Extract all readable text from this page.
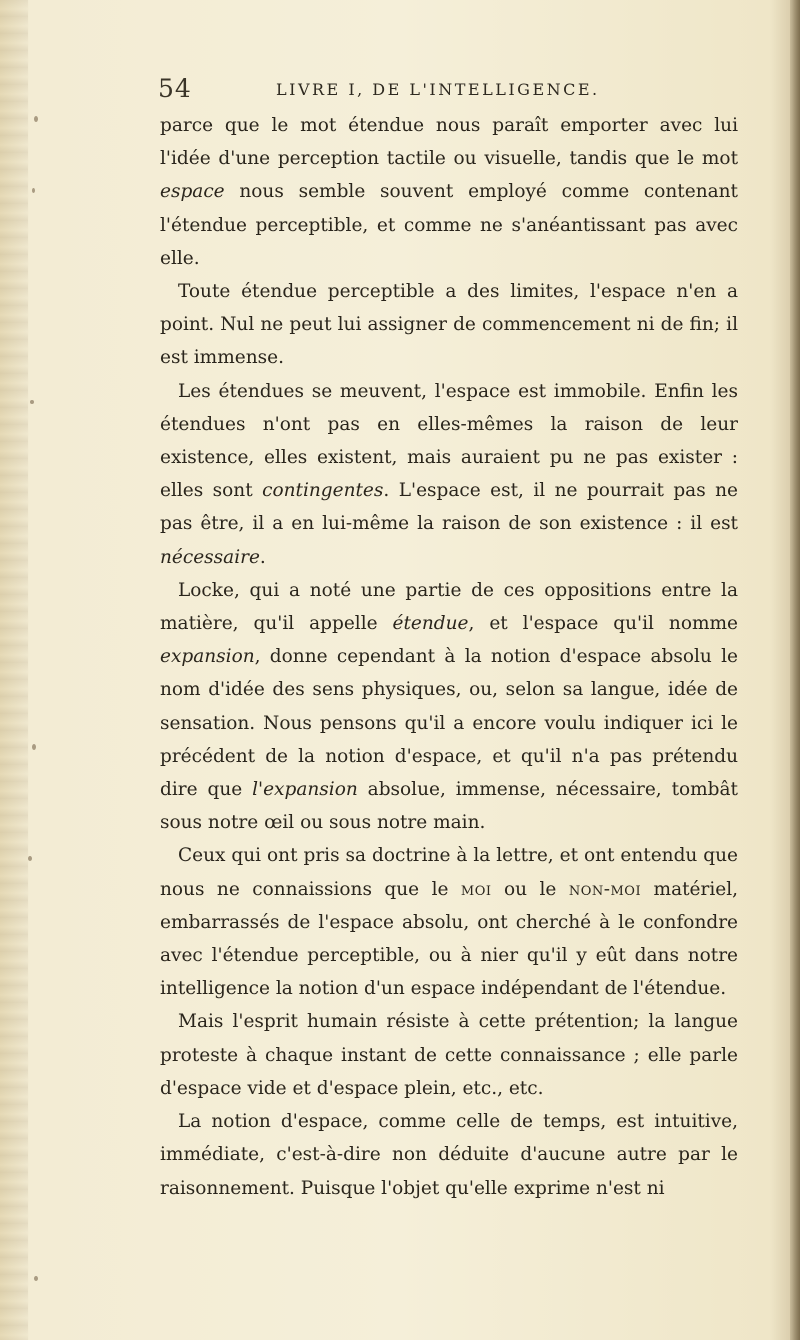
54	LIVRE I, DE L'INTELLIGENCE.

parce que le mot étendue nous paraît emporter avec lui l'idée d'une perception tactile ou visuelle, tandis que le mot espace nous semble souvent employé comme contenant l'étendue perceptible, et comme ne s'anéantissant pas avec elle.

Toute étendue perceptible a des limites, l'espace n'en a point. Nul ne peut lui assigner de commencement ni de fin; il est immense.

Les étendues se meuvent, l'espace est immobile. Enfin les étendues n'ont pas en elles-mêmes la raison de leur existence, elles existent, mais auraient pu ne pas exister : elles sont contingentes. L'espace est, il ne pourrait pas ne pas être, il a en lui-même la raison de son existence : il est nécessaire.

Locke, qui a noté une partie de ces oppositions entre la matière, qu'il appelle étendue, et l'espace qu'il nomme expansion, donne cependant à la notion d'espace absolu le nom d'idée des sens physiques, ou, selon sa langue, idée de sensation. Nous pensons qu'il a encore voulu indiquer ici le précédent de la notion d'espace, et qu'il n'a pas prétendu dire que l'expansion absolue, immense, nécessaire, tombât sous notre œil ou sous notre main.

Ceux qui ont pris sa doctrine à la lettre, et ont entendu que nous ne connaissions que le moi ou le non-moi matériel, embarrassés de l'espace absolu, ont cherché à le confondre avec l'étendue perceptible, ou à nier qu'il y eût dans notre intelligence la notion d'un espace indépendant de l'étendue.

Mais l'esprit humain résiste à cette prétention; la langue proteste à chaque instant de cette connaissance ; elle parle d'espace vide et d'espace plein, etc., etc.

La notion d'espace, comme celle de temps, est intuitive, immédiate, c'est-à-dire non déduite d'aucune autre par le raisonnement. Puisque l'objet qu'elle exprime n'est ni
